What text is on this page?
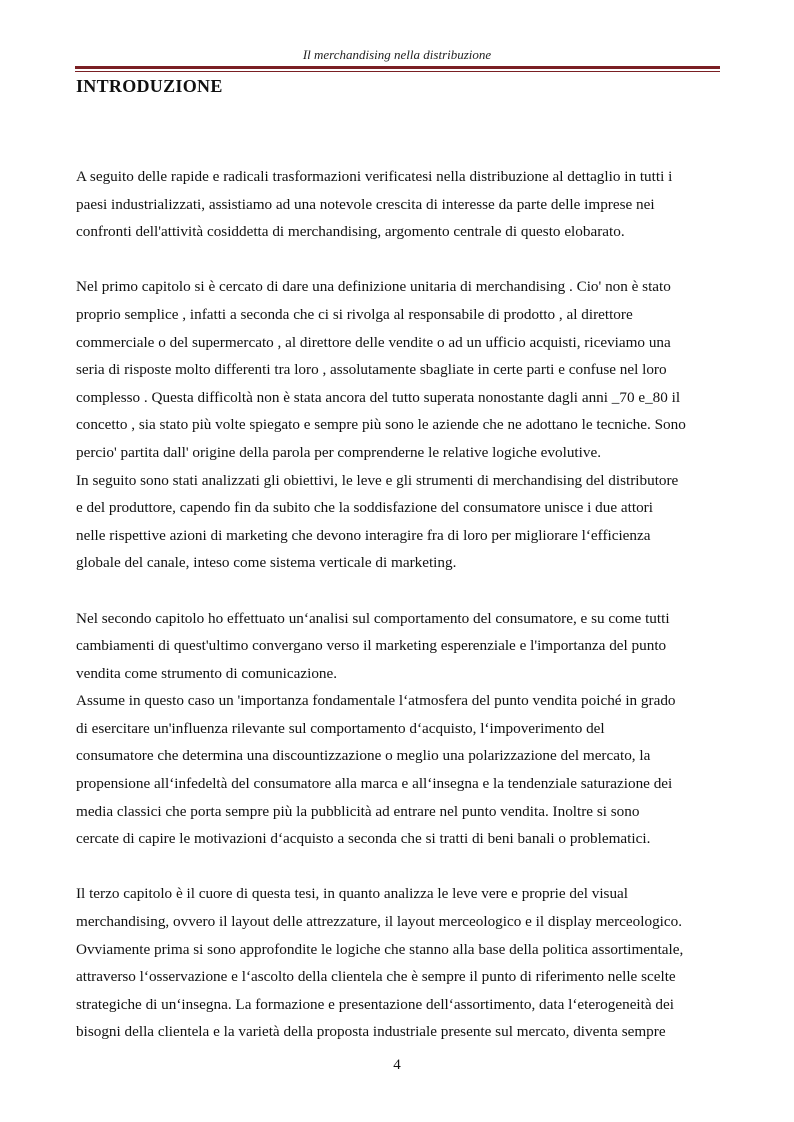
Il merchandising nella distribuzione
INTRODUZIONE

A seguito delle rapide e radicali trasformazioni verificatesi nella distribuzione al dettaglio in tutti i
paesi industrializzati, assistiamo ad una notevole crescita di interesse da parte delle imprese nei
confronti dell'attività cosiddetta di merchandising, argomento centrale di questo elobarato.

Nel primo capitolo si è cercato di dare una definizione unitaria di merchandising . Cio' non è stato
proprio semplice , infatti a seconda che ci si rivolga al responsabile di prodotto , al direttore
commerciale o del supermercato , al direttore delle vendite o ad un ufficio acquisti, riceviamo una
seria di risposte molto differenti tra loro , assolutamente sbagliate in certe parti e confuse nel loro
complesso . Questa difficoltà non è stata ancora del tutto superata nonostante dagli anni _70 e_80 il
concetto , sia stato più volte spiegato e sempre più sono le aziende che ne adottano le tecniche. Sono
percio' partita dall' origine della parola per comprenderne le relative logiche evolutive.
In seguito sono stati analizzati gli obiettivi, le leve e gli strumenti di merchandising del distributore
e del produttore, capendo fin da subito che la soddisfazione del consumatore unisce i due attori
nelle rispettive azioni di marketing che devono interagire fra di loro per migliorare l‘efficienza
globale del canale, inteso come sistema verticale di marketing.

Nel secondo capitolo ho effettuato un‘analisi sul comportamento del consumatore, e su come tutti
cambiamenti di quest'ultimo convergano verso il marketing esperenziale e l'importanza del punto
vendita come strumento di comunicazione.
Assume in questo caso un 'importanza fondamentale l‘atmosfera del punto vendita poiché in grado
di esercitare un'influenza rilevante sul comportamento d‘acquisto, l‘impoverimento del
consumatore che determina una discountizzazione o meglio una polarizzazione del mercato, la
propensione all‘infedeltà del consumatore alla marca e all‘insegna e la tendenziale saturazione dei
media classici che porta sempre più la pubblicità ad entrare nel punto vendita. Inoltre si sono
cercate di capire le motivazioni d‘acquisto a seconda che si tratti di beni banali o problematici.

Il terzo capitolo è il cuore di questa tesi, in quanto analizza le leve vere e proprie del visual
merchandising, ovvero il layout delle attrezzature, il layout merceologico e il display merceologico.
Ovviamente prima si sono approfondite le logiche che stanno alla base della politica assortimentale,
attraverso l‘osservazione e l‘ascolto della clientela che è sempre il punto di riferimento nelle scelte
strategiche di un‘insegna. La formazione e presentazione dell‘assortimento, data l‘eterogeneità dei
bisogni della clientela e la varietà della proposta industriale presente sul mercato, diventa sempre

4
